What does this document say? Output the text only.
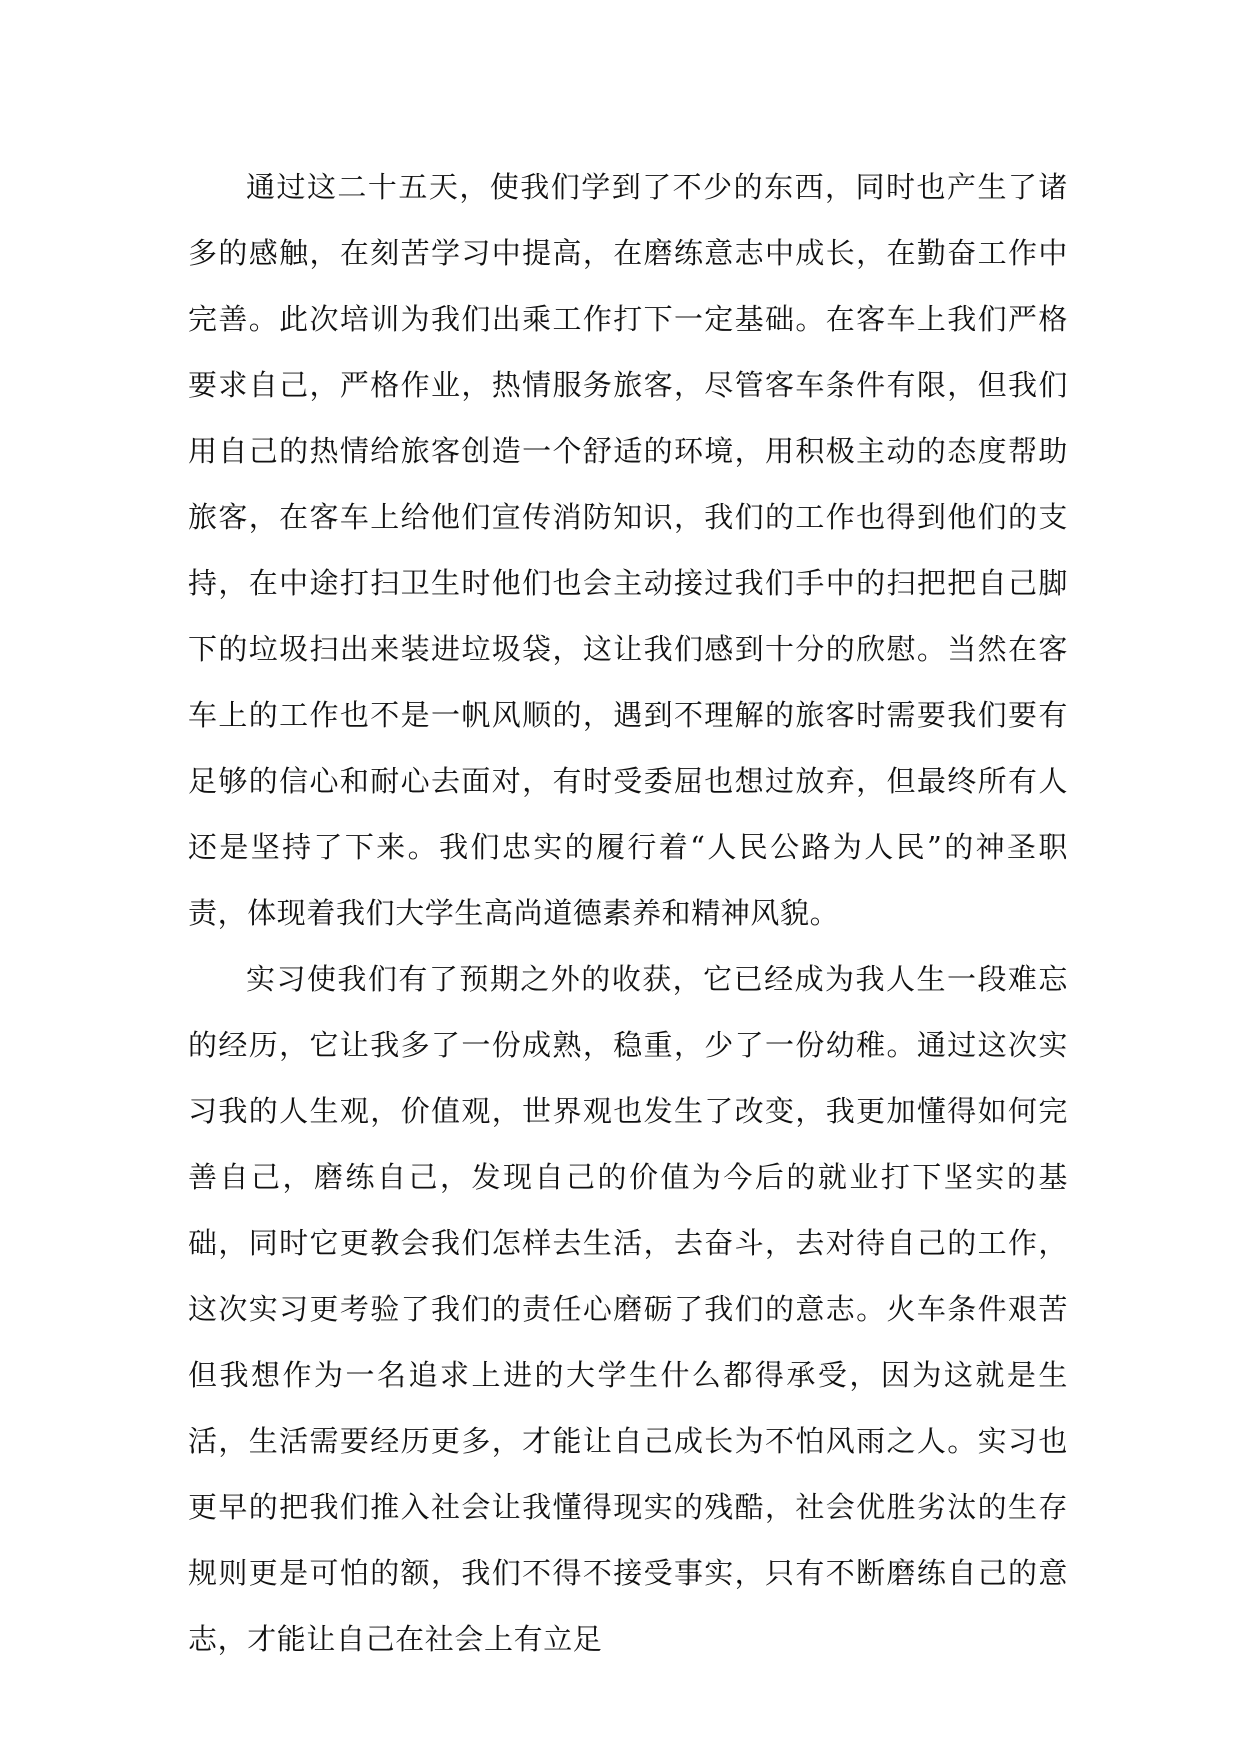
通过这二十五天，使我们学到了不少的东西，同时也产生了诸多的感触，在刻苦学习中提高，在磨练意志中成长，在勤奋工作中完善。此次培训为我们出乘工作打下一定基础。在客车上我们严格要求自己，严格作业，热情服务旅客，尽管客车条件有限，但我们用自己的热情给旅客创造一个舒适的环境，用积极主动的态度帮助旅客，在客车上给他们宣传消防知识，我们的工作也得到他们的支持，在中途打扫卫生时他们也会主动接过我们手中的扫把把自己脚下的垃圾扫出来装进垃圾袋，这让我们感到十分的欣慰。当然在客车上的工作也不是一帆风顺的，遇到不理解的旅客时需要我们要有足够的信心和耐心去面对，有时受委屈也想过放弃，但最终所有人还是坚持了下来。我们忠实的履行着“人民公路为人民”的神圣职责，体现着我们大学生高尚道德素养和精神风貌。

实习使我们有了预期之外的收获，它已经成为我人生一段难忘的经历，它让我多了一份成熟，稳重，少了一份幼稚。通过这次实习我的人生观，价值观，世界观也发生了改变，我更加懂得如何完善自己，磨练自己，发现自己的价值为今后的就业打下坚实的基础，同时它更教会我们怎样去生活，去奋斗，去对待自己的工作，这次实习更考验了我们的责任心磨砺了我们的意志。火车条件艰苦但我想作为一名追求上进的大学生什么都得承受，因为这就是生活，生活需要经历更多，才能让自己成长为不怕风雨之人。实习也更早的把我们推入社会让我懂得现实的残酷，社会优胜劣汰的生存规则更是可怕的额，我们不得不接受事实，只有不断磨练自己的意志，才能让自己在社会上有立足
